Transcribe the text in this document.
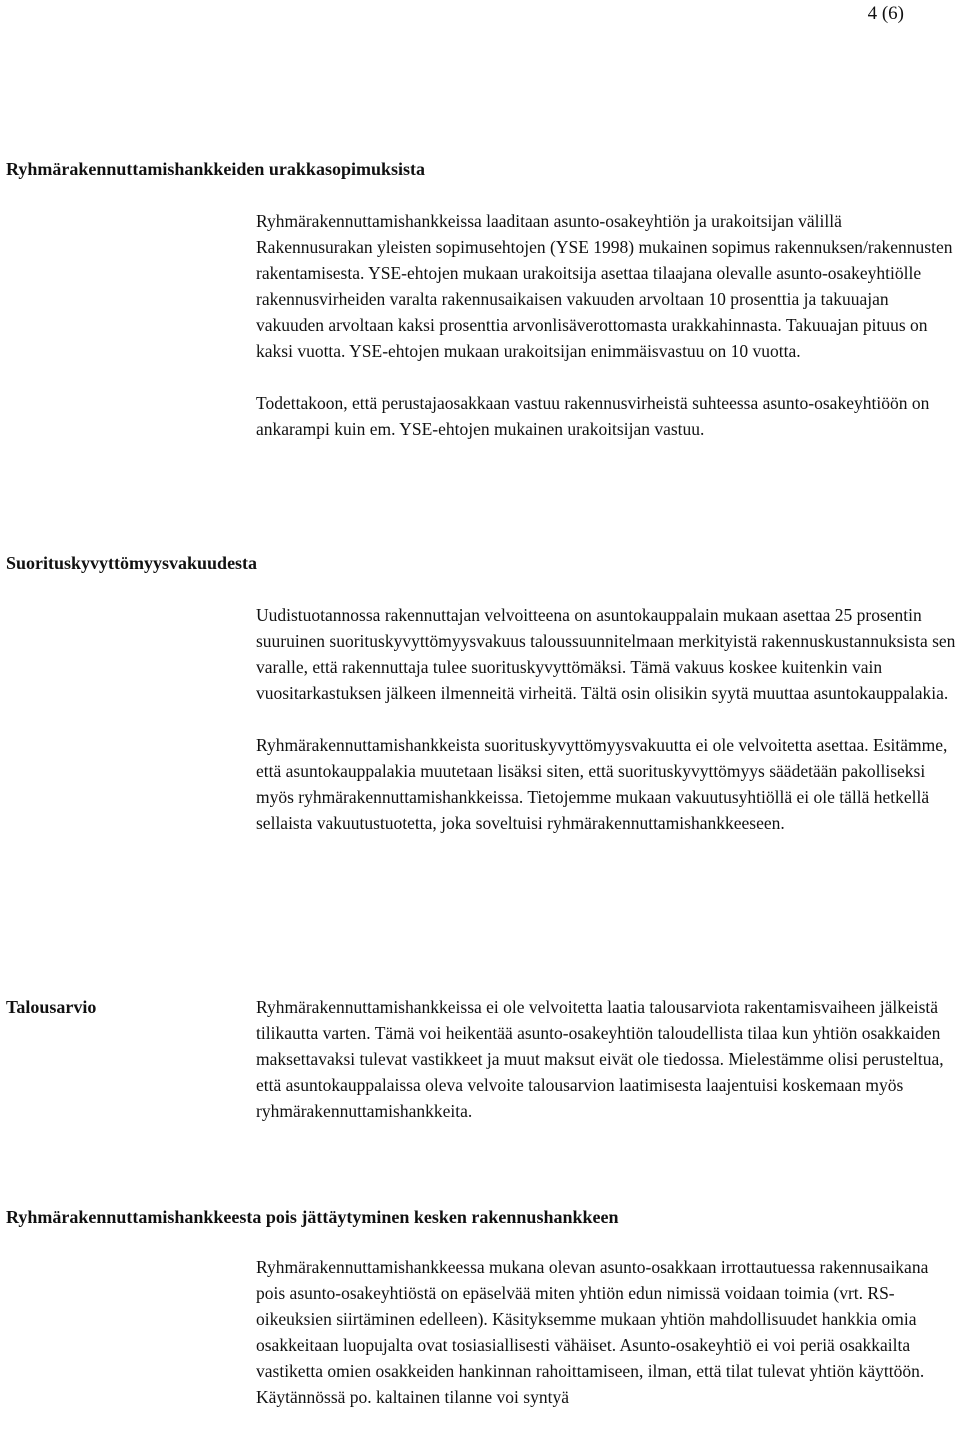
4 (6)
Ryhmärakennuttamishankkeiden urakkasopimuksista

Ryhmärakennuttamishankkeissa laaditaan asunto-osakeyhtiön ja urakoitsijan välillä Rakennusurakan yleisten sopimusehtojen (YSE 1998) mukainen sopimus rakennuksen/rakennusten rakentamisesta. YSE-ehtojen mukaan urakoitsija asettaa tilaajana olevalle asunto-osakeyhtiölle rakennusvirheiden varalta rakennusaikaisen vakuuden arvoltaan 10 prosenttia ja takuuajan vakuuden arvoltaan kaksi prosenttia arvonlisäverottomasta urakkahinnasta. Takuuajan pituus on kaksi vuotta. YSE-ehtojen mukaan urakoitsijan enimmäisvastuu on 10 vuotta.

Todettakoon, että perustajaosakkaan vastuu rakennusvirheistä suhteessa asunto-osakeyhtiöön on ankarampi kuin em. YSE-ehtojen mukainen urakoitsijan vastuu.

Suorituskyvyttömyysvakuudesta

Uudistuotannossa rakennuttajan velvoitteena on asuntokauppalain mukaan asettaa 25 prosentin suuruinen suorituskyvyttömyysvakuus taloussuunnitelmaan merkityistä rakennuskustannuksista sen varalle, että rakennuttaja tulee suorituskyvyttömäksi. Tämä vakuus koskee kuitenkin vain vuositarkastuksen jälkeen ilmenneitä virheitä. Tältä osin olisikin syytä muuttaa asuntokauppalakia.

Ryhmärakennuttamishankkeista suorituskyvyttömyysvakuutta ei ole velvoitetta asettaa. Esitämme, että asuntokauppalakia muutetaan lisäksi siten, että suorituskyvyttömyys säädetään pakolliseksi myös ryhmärakennuttamishankkeissa. Tietojemme mukaan vakuutusyhtiöllä ei ole tällä hetkellä sellaista vakuutustuotetta, joka soveltuisi ryhmärakennuttamishankkeeseen.

Talousarvio	Ryhmärakennuttamishankkeissa ei ole velvoitetta laatia talousarviota rakentamisvaiheen jälkeistä tilikautta varten. Tämä voi heikentää asunto-osakeyhtiön taloudellista tilaa kun yhtiön osakkaiden maksettavaksi tulevat vastikkeet ja muut maksut eivät ole tiedossa. Mielestämme olisi perusteltua, että asuntokauppalaissa oleva velvoite talousarvion laatimisesta laajentuisi koskemaan myös ryhmärakennuttamishankkeita.

Ryhmärakennuttamishankkeesta pois jättäytyminen kesken rakennushankkeen

Ryhmärakennuttamishankkeessa mukana olevan asunto-osakkaan irrottautuessa rakennusaikana pois asunto-osakeyhtiöstä on epäselvää miten yhtiön edun nimissä voidaan toimia (vrt. RS-oikeuksien siirtäminen edelleen). Käsityksemme mukaan yhtiön mahdollisuudet hankkia omia osakkeitaan luopujalta ovat tosiasiallisesti vähäiset. Asunto-osakeyhtiö ei voi periä osakkailta vastiketta omien osakkeiden hankinnan rahoittamiseen, ilman, että tilat tulevat yhtiön käyttöön. Käytännössä po. kaltainen tilanne voi syntyä
